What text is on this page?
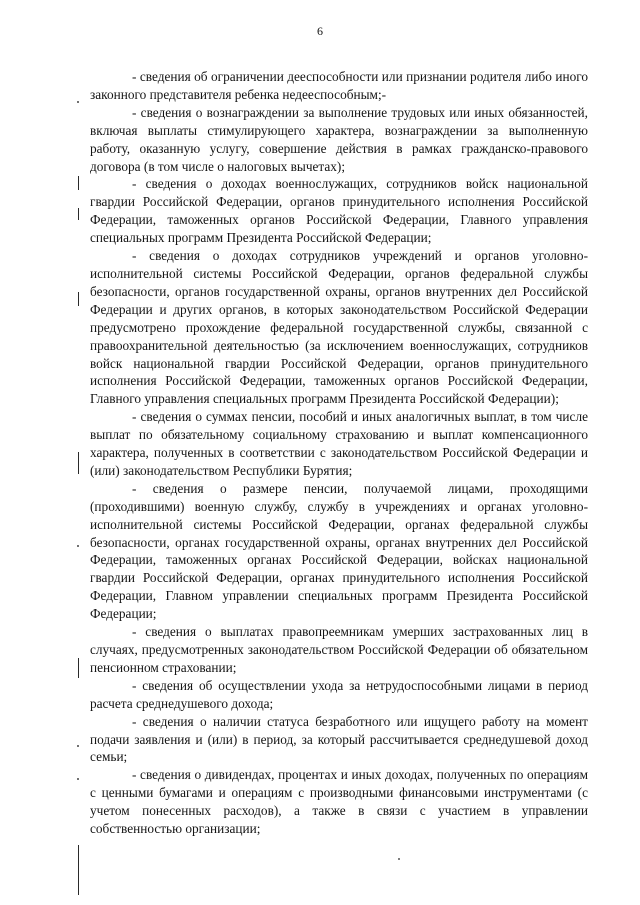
6

- сведения об ограничении дееспособности или признании родителя либо иного законного представителя ребенка недееспособным;-

- сведения о вознаграждении за выполнение трудовых или иных обязанностей, включая выплаты стимулирующего характера, вознаграждении за выполненную работу, оказанную услугу, совершение действия в рамках гражданско-правового договора (в том числе о налоговых вычетах);

- сведения о доходах военнослужащих, сотрудников войск национальной гвардии Российской Федерации, органов принудительного исполнения Российской Федерации, таможенных органов Российской Федерации, Главного управления специальных программ Президента Российской Федерации;

- сведения о доходах сотрудников учреждений и органов уголовно-исполнительной системы Российской Федерации, органов федеральной службы безопасности, органов государственной охраны, органов внутренних дел Российской Федерации и других органов, в которых законодательством Российской Федерации предусмотрено прохождение федеральной государственной службы, связанной с правоохранительной деятельностью (за исключением военнослужащих, сотрудников войск национальной гвардии Российской Федерации, органов принудительного исполнения Российской Федерации, таможенных органов Российской Федерации, Главного управления специальных программ Президента Российской Федерации);

- сведения о суммах пенсии, пособий и иных аналогичных выплат, в том числе выплат по обязательному социальному страхованию и выплат компенсационного характера, полученных в соответствии с законодательством Российской Федерации и (или) законодательством Республики Бурятия;

- сведения о размере пенсии, получаемой лицами, проходящими (проходившими) военную службу, службу в учреждениях и органах уголовно-исполнительной системы Российской Федерации, органах федеральной службы безопасности, органах государственной охраны, органах внутренних дел Российской Федерации, таможенных органах Российской Федерации, войсках национальной гвардии Российской Федерации, органах принудительного исполнения Российской Федерации, Главном управлении специальных программ Президента Российской Федерации;

- сведения о выплатах правопреемникам умерших застрахованных лиц в случаях, предусмотренных законодательством Российской Федерации об обязательном пенсионном страховании;

- сведения об осуществлении ухода за нетрудоспособными лицами в период расчета среднедушевого дохода;

- сведения о наличии статуса безработного или ищущего работу на момент подачи заявления и (или) в период, за который рассчитывается среднедушевой доход семьи;

- сведения о дивидендах, процентах и иных доходах, полученных по операциям с ценными бумагами и операциям с производными финансовыми инструментами (с учетом понесенных расходов), а также в связи с участием в управлении собственностью организации;
